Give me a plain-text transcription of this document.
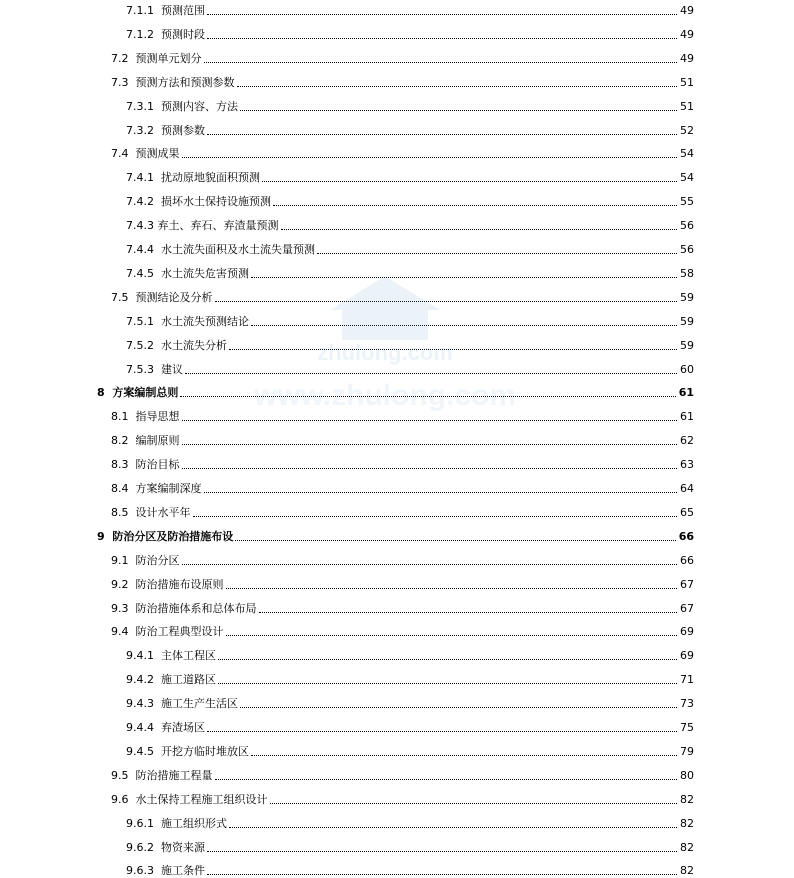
7.1.1  预测范围	49
7.1.2  预测时段	49
7.2  预测单元划分	49
7.3  预测方法和预测参数	51
7.3.1  预测内容、方法	51
7.3.2  预测参数	52
7.4  预测成果	54
7.4.1  扰动原地貌面积预测	54
7.4.2  损坏水土保持设施预测	55
7.4.3 弃土、弃石、弃渣量预测	56
7.4.4  水土流失面积及水土流失量预测	56
7.4.5  水土流失危害预测	58
7.5  预测结论及分析	59
7.5.1  水土流失预测结论	59
7.5.2  水土流失分析	59
7.5.3  建议	60
8  方案编制总则	61
8.1  指导思想	61
8.2  编制原则	62
8.3  防治目标	63
8.4  方案编制深度	64
8.5  设计水平年	65
9  防治分区及防治措施布设	66
9.1  防治分区	66
9.2  防治措施布设原则	67
9.3  防治措施体系和总体布局	67
9.4  防治工程典型设计	69
9.4.1  主体工程区	69
9.4.2  施工道路区	71
9.4.3  施工生产生活区	73
9.4.4  弃渣场区	75
9.4.5  开挖方临时堆放区	79
9.5  防治措施工程量	80
9.6  水土保持工程施工组织设计	82
9.6.1  施工组织形式	82
9.6.2  物资来源	82
9.6.3  施工条件	82
zhulong.com
www.zhulong.com
